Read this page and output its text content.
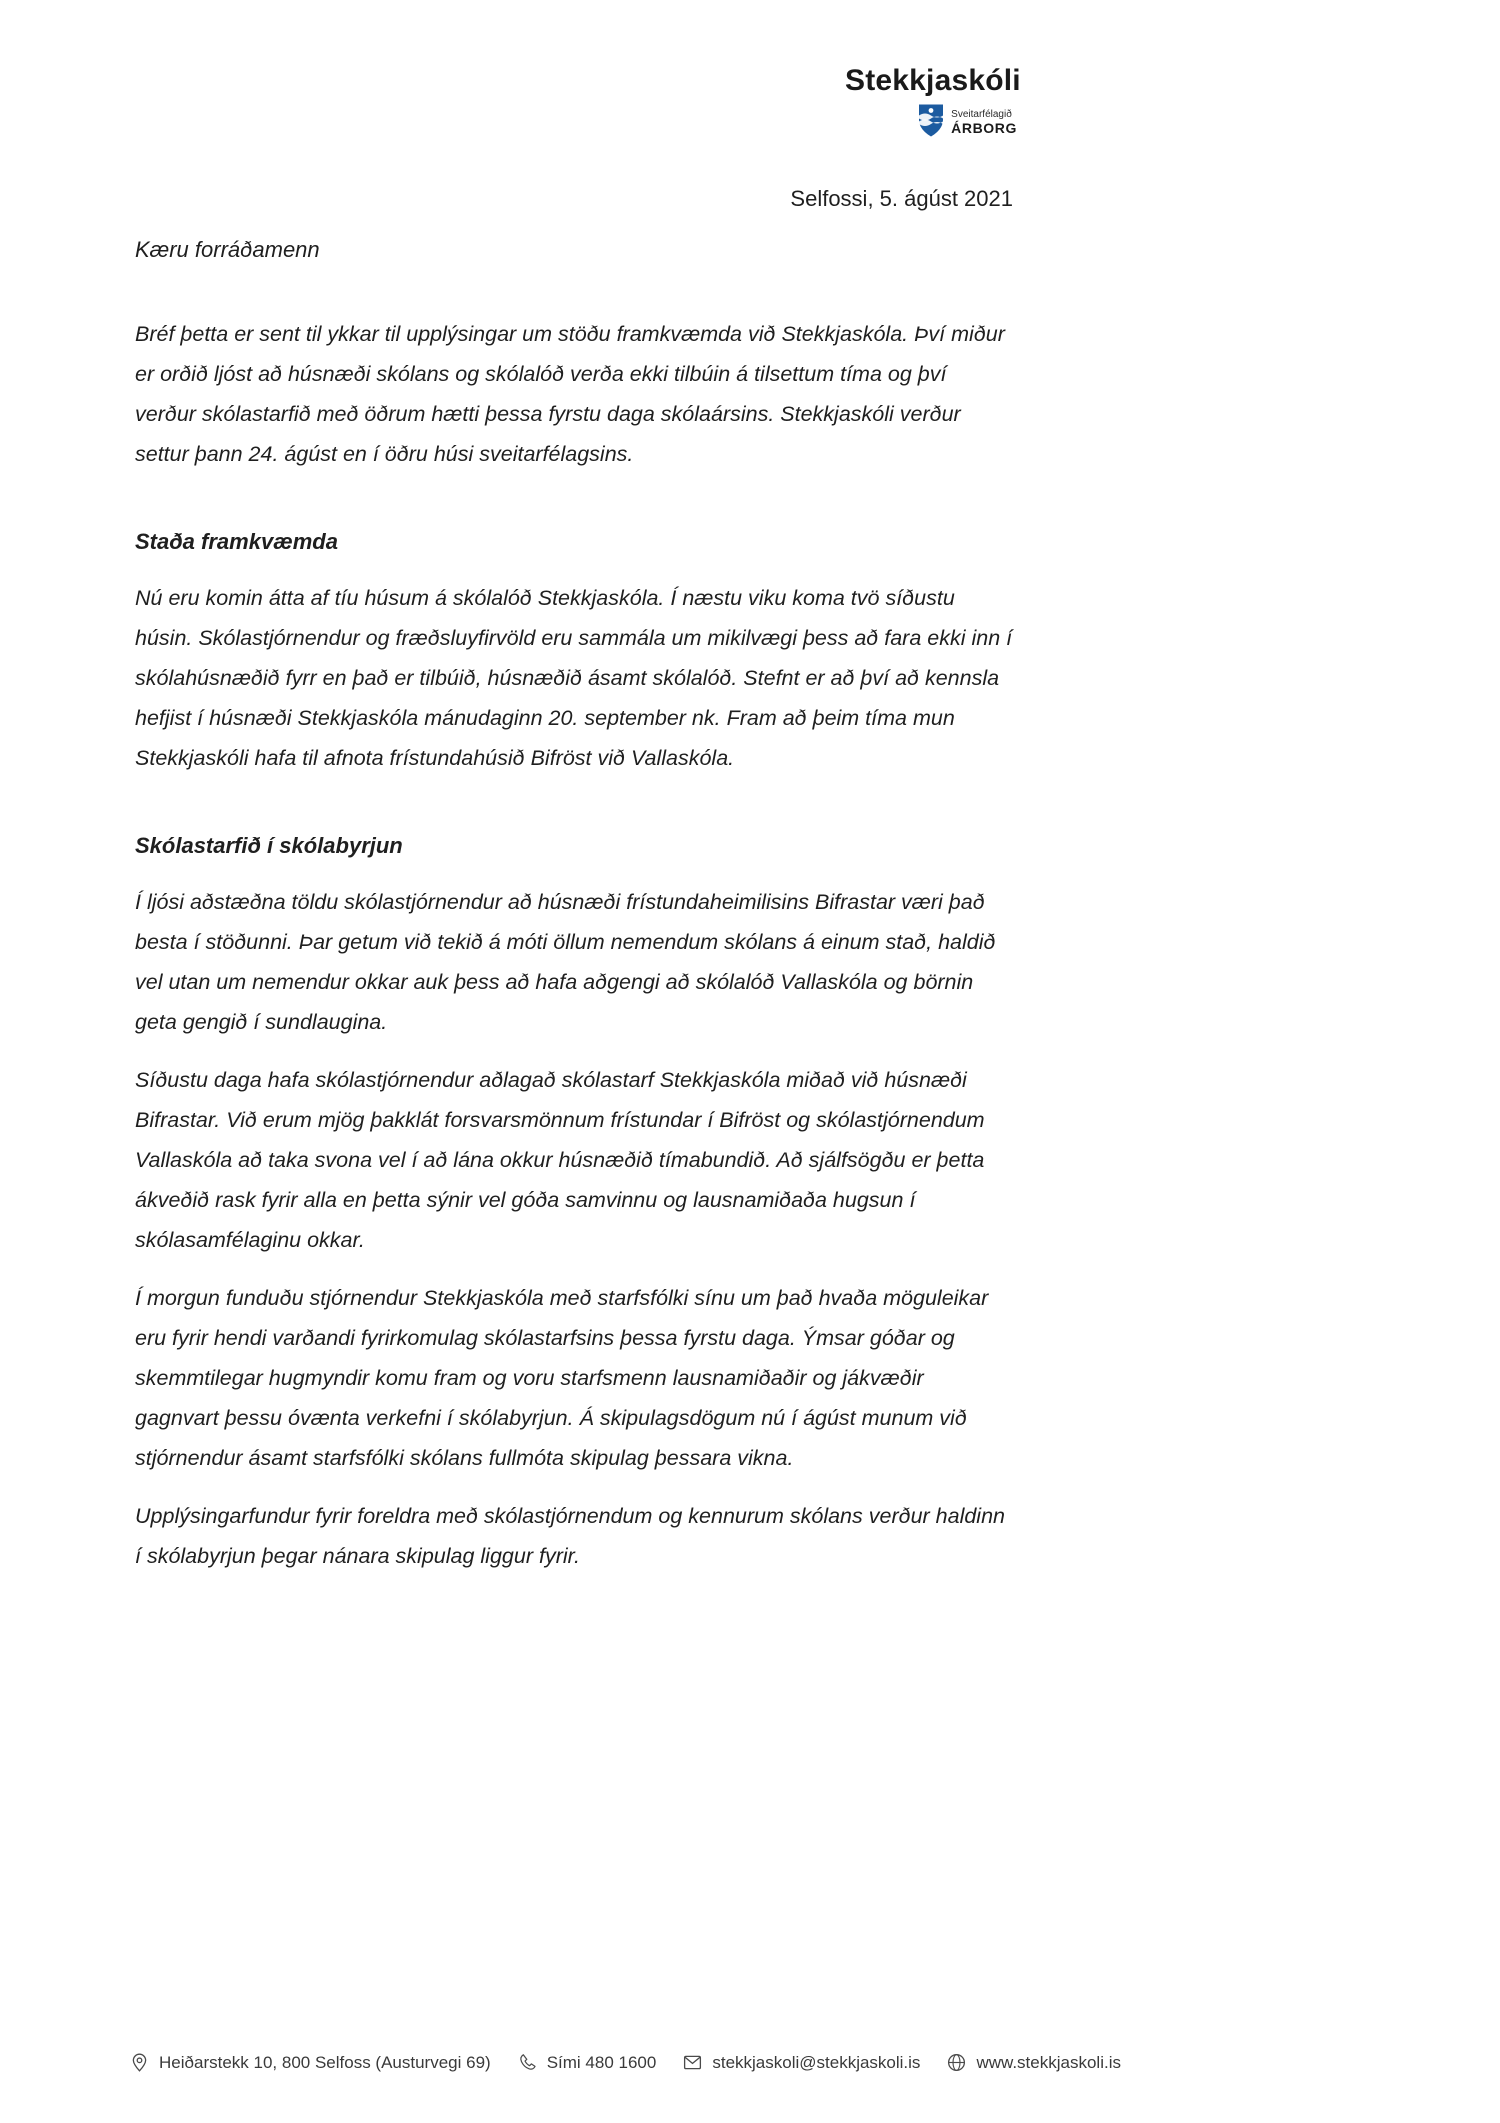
Stekkjaskóli
Sveitarfélagið
ÁRBORG
Selfossi, 5. ágúst 2021
Kæru forráðamenn

Bréf þetta er sent til ykkar til upplýsingar um stöðu framkvæmda við Stekkjaskóla. Því miður er orðið ljóst að húsnæði skólans og skólalóð verða ekki tilbúin á tilsettum tíma og því verður skólastarfið með öðrum hætti þessa fyrstu daga skólaársins. Stekkjaskóli verður settur þann 24. ágúst en í öðru húsi sveitarfélagsins.

Staða framkvæmda

Nú eru komin átta af tíu húsum á skólalóð Stekkjaskóla. Í næstu viku koma tvö síðustu húsin. Skólastjórnendur og fræðsluyfirvöld eru sammála um mikilvægi þess að fara ekki inn í skólahúsnæðið fyrr en það er tilbúið, húsnæðið ásamt skólalóð. Stefnt er að því að kennsla hefjist í húsnæði Stekkjaskóla mánudaginn 20. september nk. Fram að þeim tíma mun Stekkjaskóli hafa til afnota frístundahúsið Bifröst við Vallaskóla.

Skólastarfið í skólabyrjun

Í ljósi aðstæðna töldu skólastjórnendur að húsnæði frístundaheimilisins Bifrastar væri það besta í stöðunni. Þar getum við tekið á móti öllum nemendum skólans á einum stað, haldið vel utan um nemendur okkar auk þess að hafa aðgengi að skólalóð Vallaskóla og börnin geta gengið í sundlaugina.

Síðustu daga hafa skólastjórnendur aðlagað skólastarf Stekkjaskóla miðað við húsnæði Bifrastar. Við erum mjög þakklát forsvarsmönnum frístundar í Bifröst og skólastjórnendum Vallaskóla að taka svona vel í að lána okkur húsnæðið tímabundið. Að sjálfsögðu er þetta ákveðið rask fyrir alla en þetta sýnir vel góða samvinnu og lausnamiðaða hugsun í skólasamfélaginu okkar.

Í morgun funduðu stjórnendur Stekkjaskóla með starfsfólki sínu um það hvaða möguleikar eru fyrir hendi varðandi fyrirkomulag skólastarfsins þessa fyrstu daga. Ýmsar góðar og skemmtilegar hugmyndir komu fram og voru starfsmenn lausnamiðaðir og jákvæðir gagnvart þessu óvænta verkefni í skólabyrjun. Á skipulagsdögum nú í ágúst munum við stjórnendur ásamt starfsfólki skólans fullmóta skipulag þessara vikna.

Upplýsingarfundur fyrir foreldra með skólastjórnendum og kennurum skólans verður haldinn í skólabyrjun þegar nánara skipulag liggur fyrir.

Heiðarstekk 10, 800 Selfoss (Austurvegi 69)	Sími 480 1600	stekkjaskoli@stekkjaskoli.is	www.stekkjaskoli.is
